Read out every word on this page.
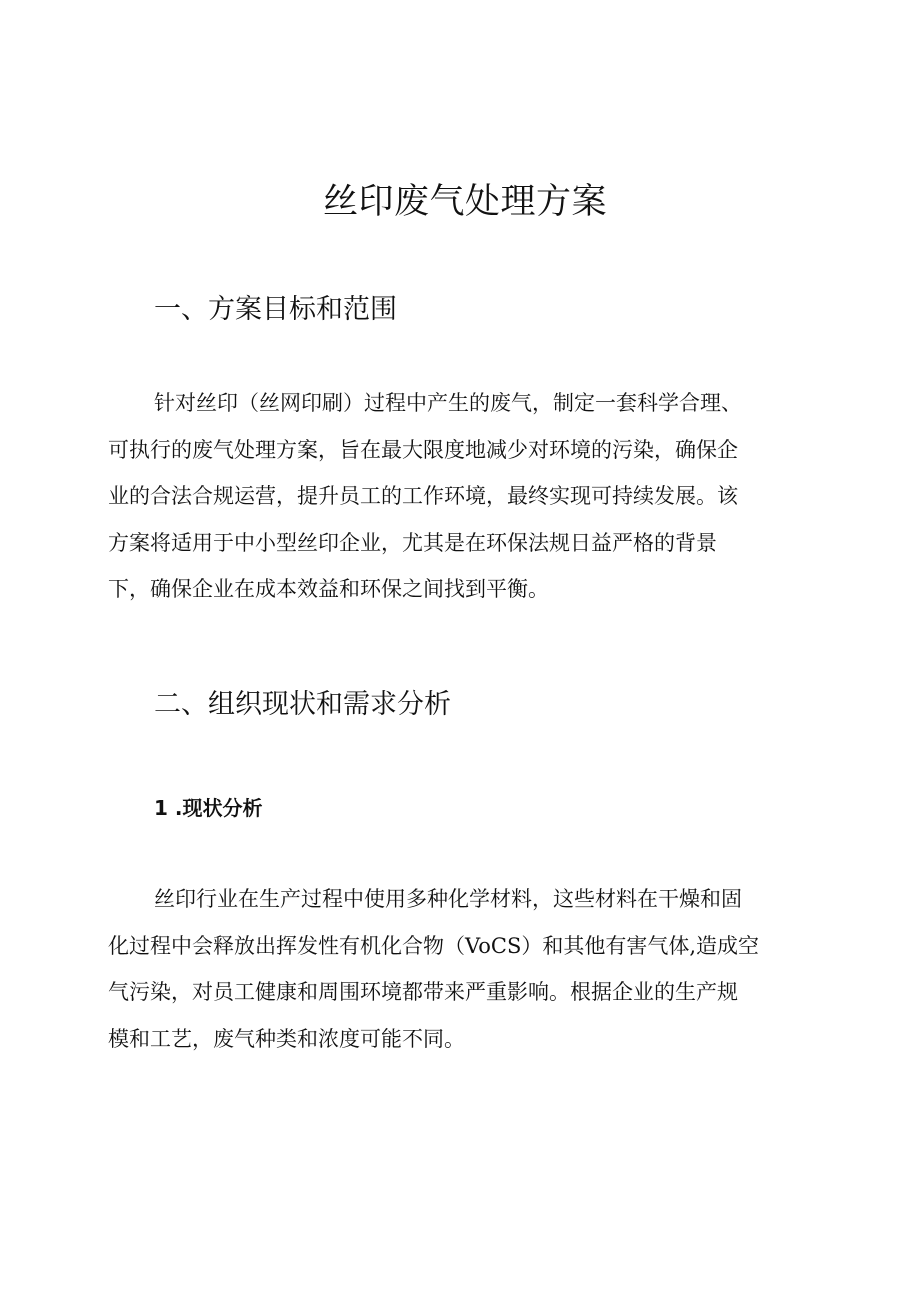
丝印废气处理方案
一、方案目标和范围

针对丝印（丝网印刷）过程中产生的废气，制定一套科学合理、
可执行的废气处理方案，旨在最大限度地减少对环境的污染，确保企
业的合法合规运营，提升员工的工作环境，最终实现可持续发展。该
方案将适用于中小型丝印企业，尤其是在环保法规日益严格的背景
下，确保企业在成本效益和环保之间找到平衡。

二、组织现状和需求分析
1 .现状分析

丝印行业在生产过程中使用多种化学材料，这些材料在干燥和固
化过程中会释放出挥发性有机化合物（VoCS）和其他有害气体,造成空
气污染，对员工健康和周围环境都带来严重影响。根据企业的生产规
模和工艺，废气种类和浓度可能不同。
